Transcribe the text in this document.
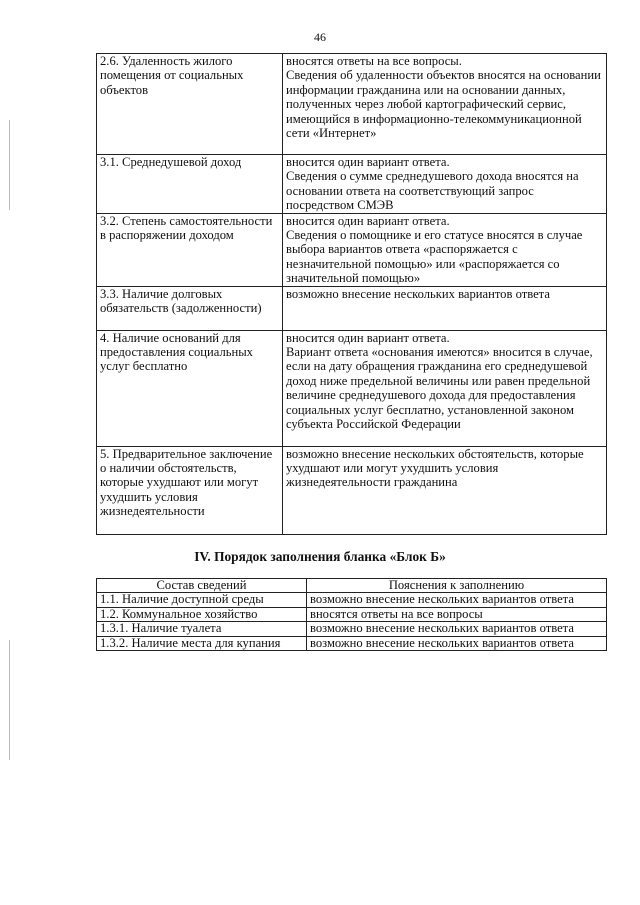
46
2.6. Удаленность жилого помещения от социальных объектов	вносятся ответы на все вопросы.
Сведения об удаленности объектов вносятся на основании информации гражданина или на основании данных, полученных через любой картографический сервис, имеющийся в информационно-телекоммуникационной сети «Интернет»

3.1. Среднедушевой доход	вносится один вариант ответа.
Сведения о сумме среднедушевого дохода вносятся на основании ответа на соответствующий запрос посредством СМЭВ

3.2. Степень самостоятельности в распоряжении доходом	вносится один вариант ответа.
Сведения о помощнике и его статусе вносятся в случае выбора вариантов ответа «распоряжается с незначительной помощью» или «распоряжается со значительной помощью»

3.3. Наличие долговых обязательств (задолженности)	возможно внесение нескольких вариантов ответа

4. Наличие оснований для предоставления социальных услуг бесплатно	вносится один вариант ответа.
Вариант ответа «основания имеются» вносится в случае, если на дату обращения гражданина его среднедушевой доход ниже предельной величины или равен предельной величине среднедушевого дохода для предоставления социальных услуг бесплатно, установленной законом субъекта Российской Федерации

5. Предварительное заключение о наличии обстоятельств, которые ухудшают или могут ухудшить условия жизнедеятельности	возможно внесение нескольких обстоятельств, которые ухудшают или могут ухудшить условия жизнедеятельности гражданина
IV. Порядок заполнения бланка «Блок Б»
Состав сведений	Пояснения к заполнению
1.1. Наличие доступной среды	возможно внесение нескольких вариантов ответа
1.2. Коммунальное хозяйство	вносятся ответы на все вопросы
1.3.1. Наличие туалета	возможно внесение нескольких вариантов ответа
1.3.2. Наличие места для купания	возможно внесение нескольких вариантов ответа
